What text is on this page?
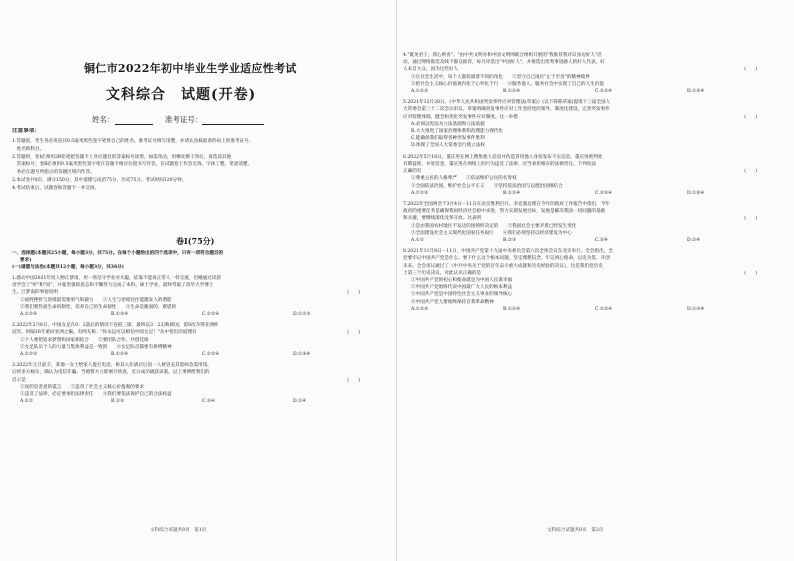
铜仁市2022年初中毕业生学业适应性考试
文科综合　试题(开卷)
姓名：	准考证号：
注意事项：
1.答题前，考生务必用直径0.5毫米黑色签字笔将自己的姓名、准考证号填写清楚，并请认真核准条形码上的准考证号、
　姓名和科目。
2.答题时，卷Ⅰ必须用2B铅笔把答题卡上对应题目的答案标号涂黑，如需改动，用橡皮擦干净后，再选涂其他
　答案标号；卷Ⅱ必须用0.5毫米黑色签字笔在答题卡相应位置书写作答，在试题卷上作答无效。字体工整，笔迹清楚。
　务必在题号所指示的答题区域内作答。
3.本试卷共8页，满分150分，其中道德与法治75分，历史75分。考试时间120分钟。
4.考试结束后，试题卷和答题卡一并交回。
卷Ⅰ(75分)
一、选择题(本题共25小题，每小题3分，共75分。在每个小题给出的四个选项中，只有一项符合题目的
要求)
(一)道德与法治(本题共12小题，每小题3分，共36分)
1.感动中国2021年度人物江梦南，用一场坚守学业对失聪，依靠不能再正常人一样交流，但她通过读唇
语学会了"听"和"说"，并靠坚强的意志和不懈努力完成了本科、硕士学业，最终考取了清华大学博士
生。江梦南的事迹说明	(　　)
①战胜挫折与逆境最需要勇气和毅力　　②人生与逆境往往能激发人的潜能
③我们要热爱生命的制性，培养自己的生命韧性　　④生命是脆弱的，难堪的
A.①②④	B.①③④	C.②③④	D.①②③
2.2022年2月6日，中国女足在0：2落后的情况下连扳三球，最终以3：2击败韩国，第9次夺得亚洲杯
冠军，时隔16年重回亚洲之巅。有网友称："你永远可以相信中国女足！"从中悟出的道理有	(　　)
①个人要把追求梦想和国家相结合　　②要团队合作，共创佳绩
③女足队员个人的力量与集体利益是一致的　　④女足队员都要有拼搏精神
A.①②③	B.①②④	C.②③④	D.①③④
3.2022年元旦前夕，某地一女士给家人拨打电话，称其入住酒店后因一人被冒充其患病急需用钱，
后经多方核实，确认为电信诈骗。当地警方立即展开侦查，近日成功破获该案。以上事例给我们的
启示是	(　　)
①说的是善意的谎言　　②违背了社会主义核心价值观的要求
③违反了法律，必定要承担法律责任　　④我们要依法保护自己的合法权益
A.①②	B.②③	C.③④	D.②④
文科综合试题共8页　第1页
4."既见君子，我心则喜"。"由中共文明办和中国文明网联合组织开展的"我推荐我评议身边好人"活
动，通过网络推选及线下群众推荐，每月评选出"中国好人"，并推选出优秀事迹感人的好人代表。好
人来自大众，因为这些好人	(　　)
①在社会生活中，每个人都扮演着不同的角色　　②坚守自己岗位"止于至善"的精神境界
③把社会主义核心价值观内化于心外化于行　　④服务他人，服务社会中实现了自己的人生价值
A.①②③	B.①②④	C.②③④	D.①③④
5.2021年12月20日，《中华人民共和国突发事件应对管理法(草案)》(以下简称草案)提请十三届全国人
大常委会第三十二次会议审议。草案明确突发事件应对工作坚持党的领导、制度化建设，完善突发事件
应对管理体制，健全和优化突发事件应对制度。这一举措	(　　)
A.必须以宪法为立法基础和立法依据
B.大大推进了国家治理体系和治理能力现代化
C.能确保我们取得各种突发事件胜利
D.体现了全国人大常委会行使立法权
6.2022年5月18日，董庆男在网上搜集他人信息并伪造冒用他人身份发布不实信息，董庆男被判处
有期徒刑，并处罚金。董庆男在网络上的行为违反了法律，应当承担相应的法律责任。下列说法
正确的有	(　　)
①尊重公民的人格尊严　　②依法维护公民的名誉权
③全面依法治国，维护社会公平正义　　④坚持依法治国与以德治国相结合
A.①②③	B.①②④	C.②③④	D.①③④
7.2022年全国两会于3月4日－11日在北京胜利召开。李克强总理在今年的政府工作报告中指出，今年
政府的重要任务是确保我国经济社会稳中求进，努力实现发展目标，发展是解决我国一切问题的基础
和关键，要继续深化改革开放。这表明	(　　)
①是由我国农村地区不发达的国情所决定的　　②我国社会主要矛盾已经发生变化
③全面建设社会主义现代化国家任务艰巨　　④我们必须坚持以经济建设为中心
A.①②	B.②③	C.③④	D.②④
8.2021年11月8日－11日，中国共产党第十九届中央委员会第六次全体会议在北京举行。全会指出，全
党要牢记中国共产党是什么、要干什么这个根本问题，坚定理想信念，牢记初心使命，以史为鉴，开创
未来。全会审议通过了《中共中央关于党的百年奋斗重大成就和历史经验的决议》，这是我们党历史
上第三个历史决议。对此认识正确的是	(　　)
①中国共产党的初心和使命就是为中国人民谋幸福
②中国共产党始终代表中国最广大人民的根本利益
③中国共产党是中国特色社会主义事业的领导核心
④中国共产党人要始终保持自我革命精神
A.①②③	B.①②④	C.②③④	D.①③④
文科综合试题共8页　第2页
